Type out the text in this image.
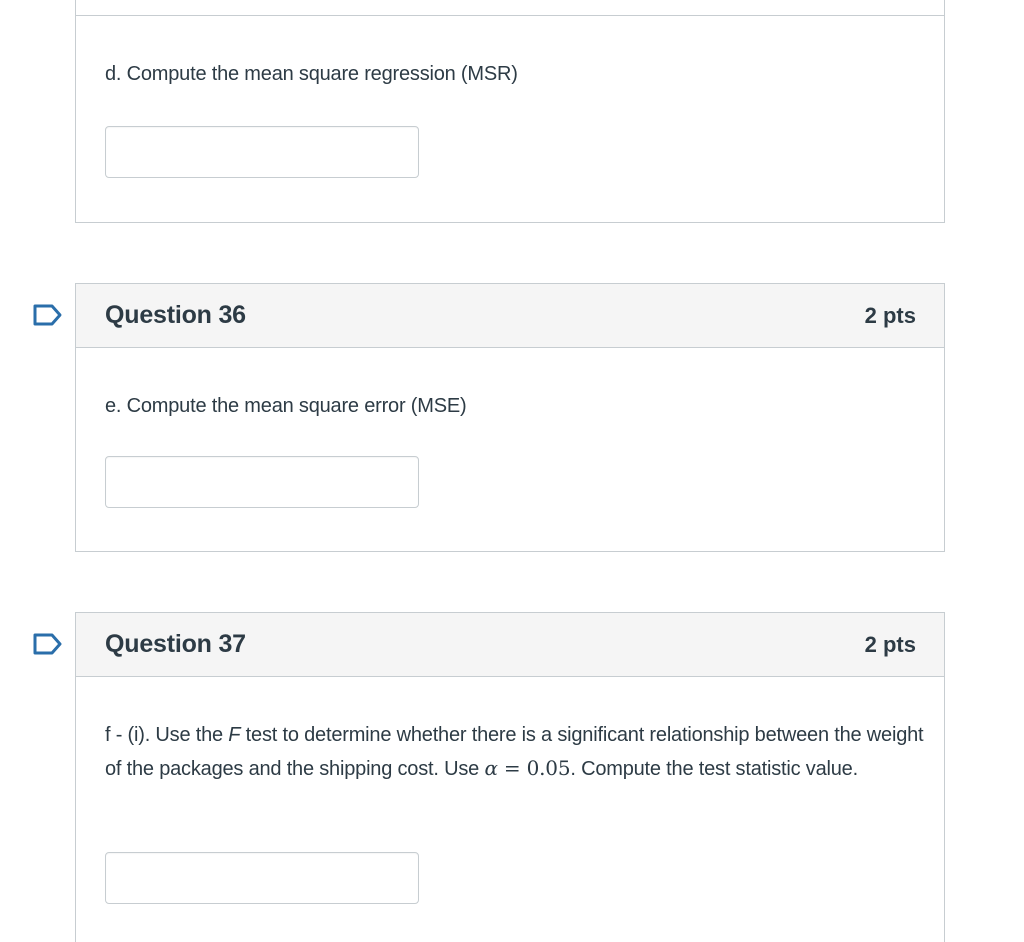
d. Compute the mean square regression (MSR)
Question 36	2 pts
e. Compute the mean square error (MSE)
Question 37	2 pts
f - (i). Use the F test to determine whether there is a significant relationship between the weight of the packages and the shipping cost. Use α = 0.05. Compute the test statistic value.
